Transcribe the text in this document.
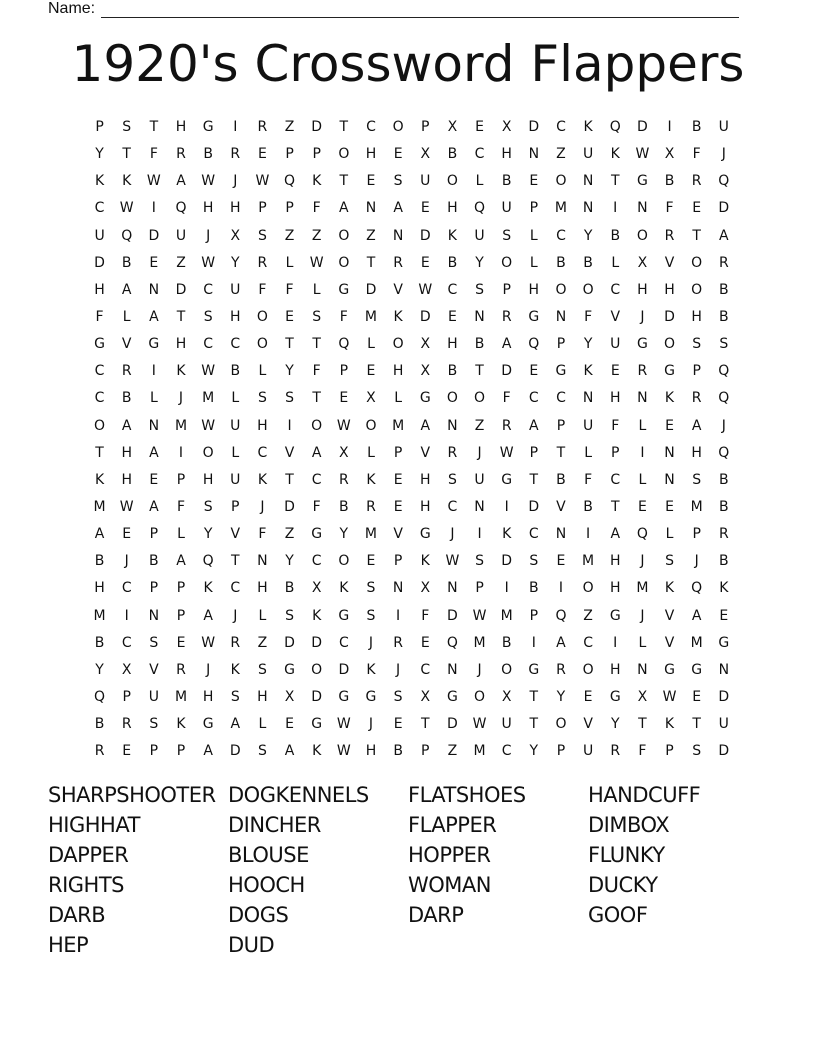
Name:
1920's Crossword Flappers
P	S	T	H	G	I	R	Z	D	T	C	O	P	X	E	X	D	C	K	Q	D	I	B	U
Y	T	F	R	B	R	E	P	P	O	H	E	X	B	C	H	N	Z	U	K	W	X	F	J
K	K	W	A	W	J	W	Q	K	T	E	S	U	O	L	B	E	O	N	T	G	B	R	Q
C	W	I	Q	H	H	P	P	F	A	N	A	E	H	Q	U	P	M	N	I	N	F	E	D
U	Q	D	U	J	X	S	Z	Z	O	Z	N	D	K	U	S	L	C	Y	B	O	R	T	A
D	B	E	Z	W	Y	R	L	W	O	T	R	E	B	Y	O	L	B	B	L	X	V	O	R
H	A	N	D	C	U	F	F	L	G	D	V	W	C	S	P	H	O	O	C	H	H	O	B
F	L	A	T	S	H	O	E	S	F	M	K	D	E	N	R	G	N	F	V	J	D	H	B
G	V	G	H	C	C	O	T	T	Q	L	O	X	H	B	A	Q	P	Y	U	G	O	S	S
C	R	I	K	W	B	L	Y	F	P	E	H	X	B	T	D	E	G	K	E	R	G	P	Q
C	B	L	J	M	L	S	S	T	E	X	L	G	O	O	F	C	C	N	H	N	K	R	Q
O	A	N	M	W	U	H	I	O	W	O	M	A	N	Z	R	A	P	U	F	L	E	A	J
T	H	A	I	O	L	C	V	A	X	L	P	V	R	J	W	P	T	L	P	I	N	H	Q
K	H	E	P	H	U	K	T	C	R	K	E	H	S	U	G	T	B	F	C	L	N	S	B
M	W	A	F	S	P	J	D	F	B	R	E	H	C	N	I	D	V	B	T	E	E	M	B
A	E	P	L	Y	V	F	Z	G	Y	M	V	G	J	I	K	C	N	I	A	Q	L	P	R
B	J	B	A	Q	T	N	Y	C	O	E	P	K	W	S	D	S	E	M	H	J	S	J	B
H	C	P	P	K	C	H	B	X	K	S	N	X	N	P	I	B	I	O	H	M	K	Q	K
M	I	N	P	A	J	L	S	K	G	S	I	F	D	W	M	P	Q	Z	G	J	V	A	E
B	C	S	E	W	R	Z	D	D	C	J	R	E	Q	M	B	I	A	C	I	L	V	M	G
Y	X	V	R	J	K	S	G	O	D	K	J	C	N	J	O	G	R	O	H	N	G	G	N
Q	P	U	M	H	S	H	X	D	G	G	S	X	G	O	X	T	Y	E	G	X	W	E	D
B	R	S	K	G	A	L	E	G	W	J	E	T	D	W	U	T	O	V	Y	T	K	T	U
R	E	P	P	A	D	S	A	K	W	H	B	P	Z	M	C	Y	P	U	R	F	P	S	D
SHARPSHOOTER DOGKENNELS	FLATSHOES	HANDCUFF
HIGHHAT	DINCHER	FLAPPER	DIMBOX
DAPPER	BLOUSE	HOPPER	FLUNKY
RIGHTS	HOOCH	WOMAN	DUCKY
DARB	DOGS	DARP	GOOF
HEP	DUD
